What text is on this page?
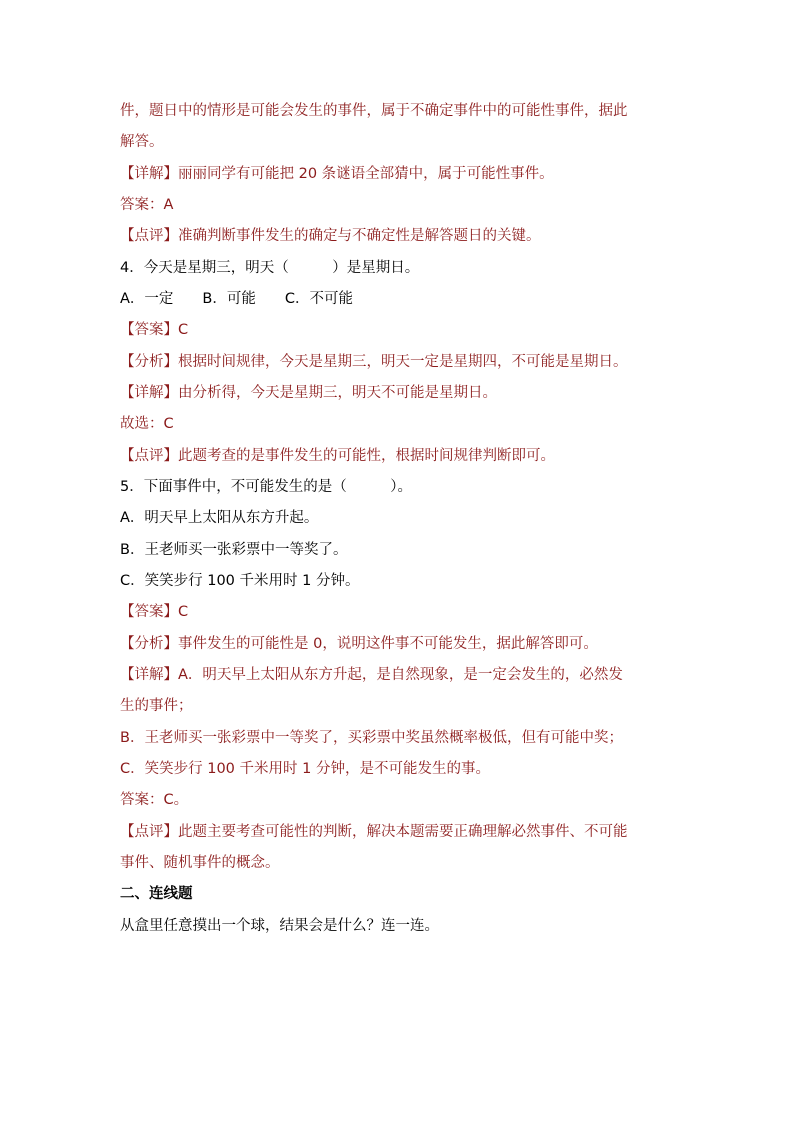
件，题日中的情形是可能会发生的事件，属于不确定事件中的可能性事件，据此
解答。
【详解】丽丽同学有可能把 20 条谜语全部猜中，属于可能性事件。
答案：A
【点评】准确判断事件发生的确定与不确定性是解答题日的关键。
4．今天是星期三，明天（　　　）是星期日。
A．一定　　B．可能　　C．不可能
【答案】C
【分析】根据时间规律，今天是星期三，明天一定是星期四，不可能是星期日。
【详解】由分析得，今天是星期三，明天不可能是星期日。
故选：C
【点评】此题考查的是事件发生的可能性，根据时间规律判断即可。
5．下面事件中，不可能发生的是（　　　）。
A．明天早上太阳从东方升起。
B．王老师买一张彩票中一等奖了。
C．笑笑步行 100 千米用时 1 分钟。
【答案】C
【分析】事件发生的可能性是 0，说明这件事不可能发生，据此解答即可。
【详解】A．明天早上太阳从东方升起，是自然现象，是一定会发生的，必然发
生的事件；
B．王老师买一张彩票中一等奖了，买彩票中奖虽然概率极低，但有可能中奖；
C．笑笑步行 100 千米用时 1 分钟，是不可能发生的事。
答案：C。
【点评】此题主要考查可能性的判断，解决本题需要正确理解必然事件、不可能
事件、随机事件的概念。
二、连线题
从盒里任意摸出一个球，结果会是什么？连一连。
